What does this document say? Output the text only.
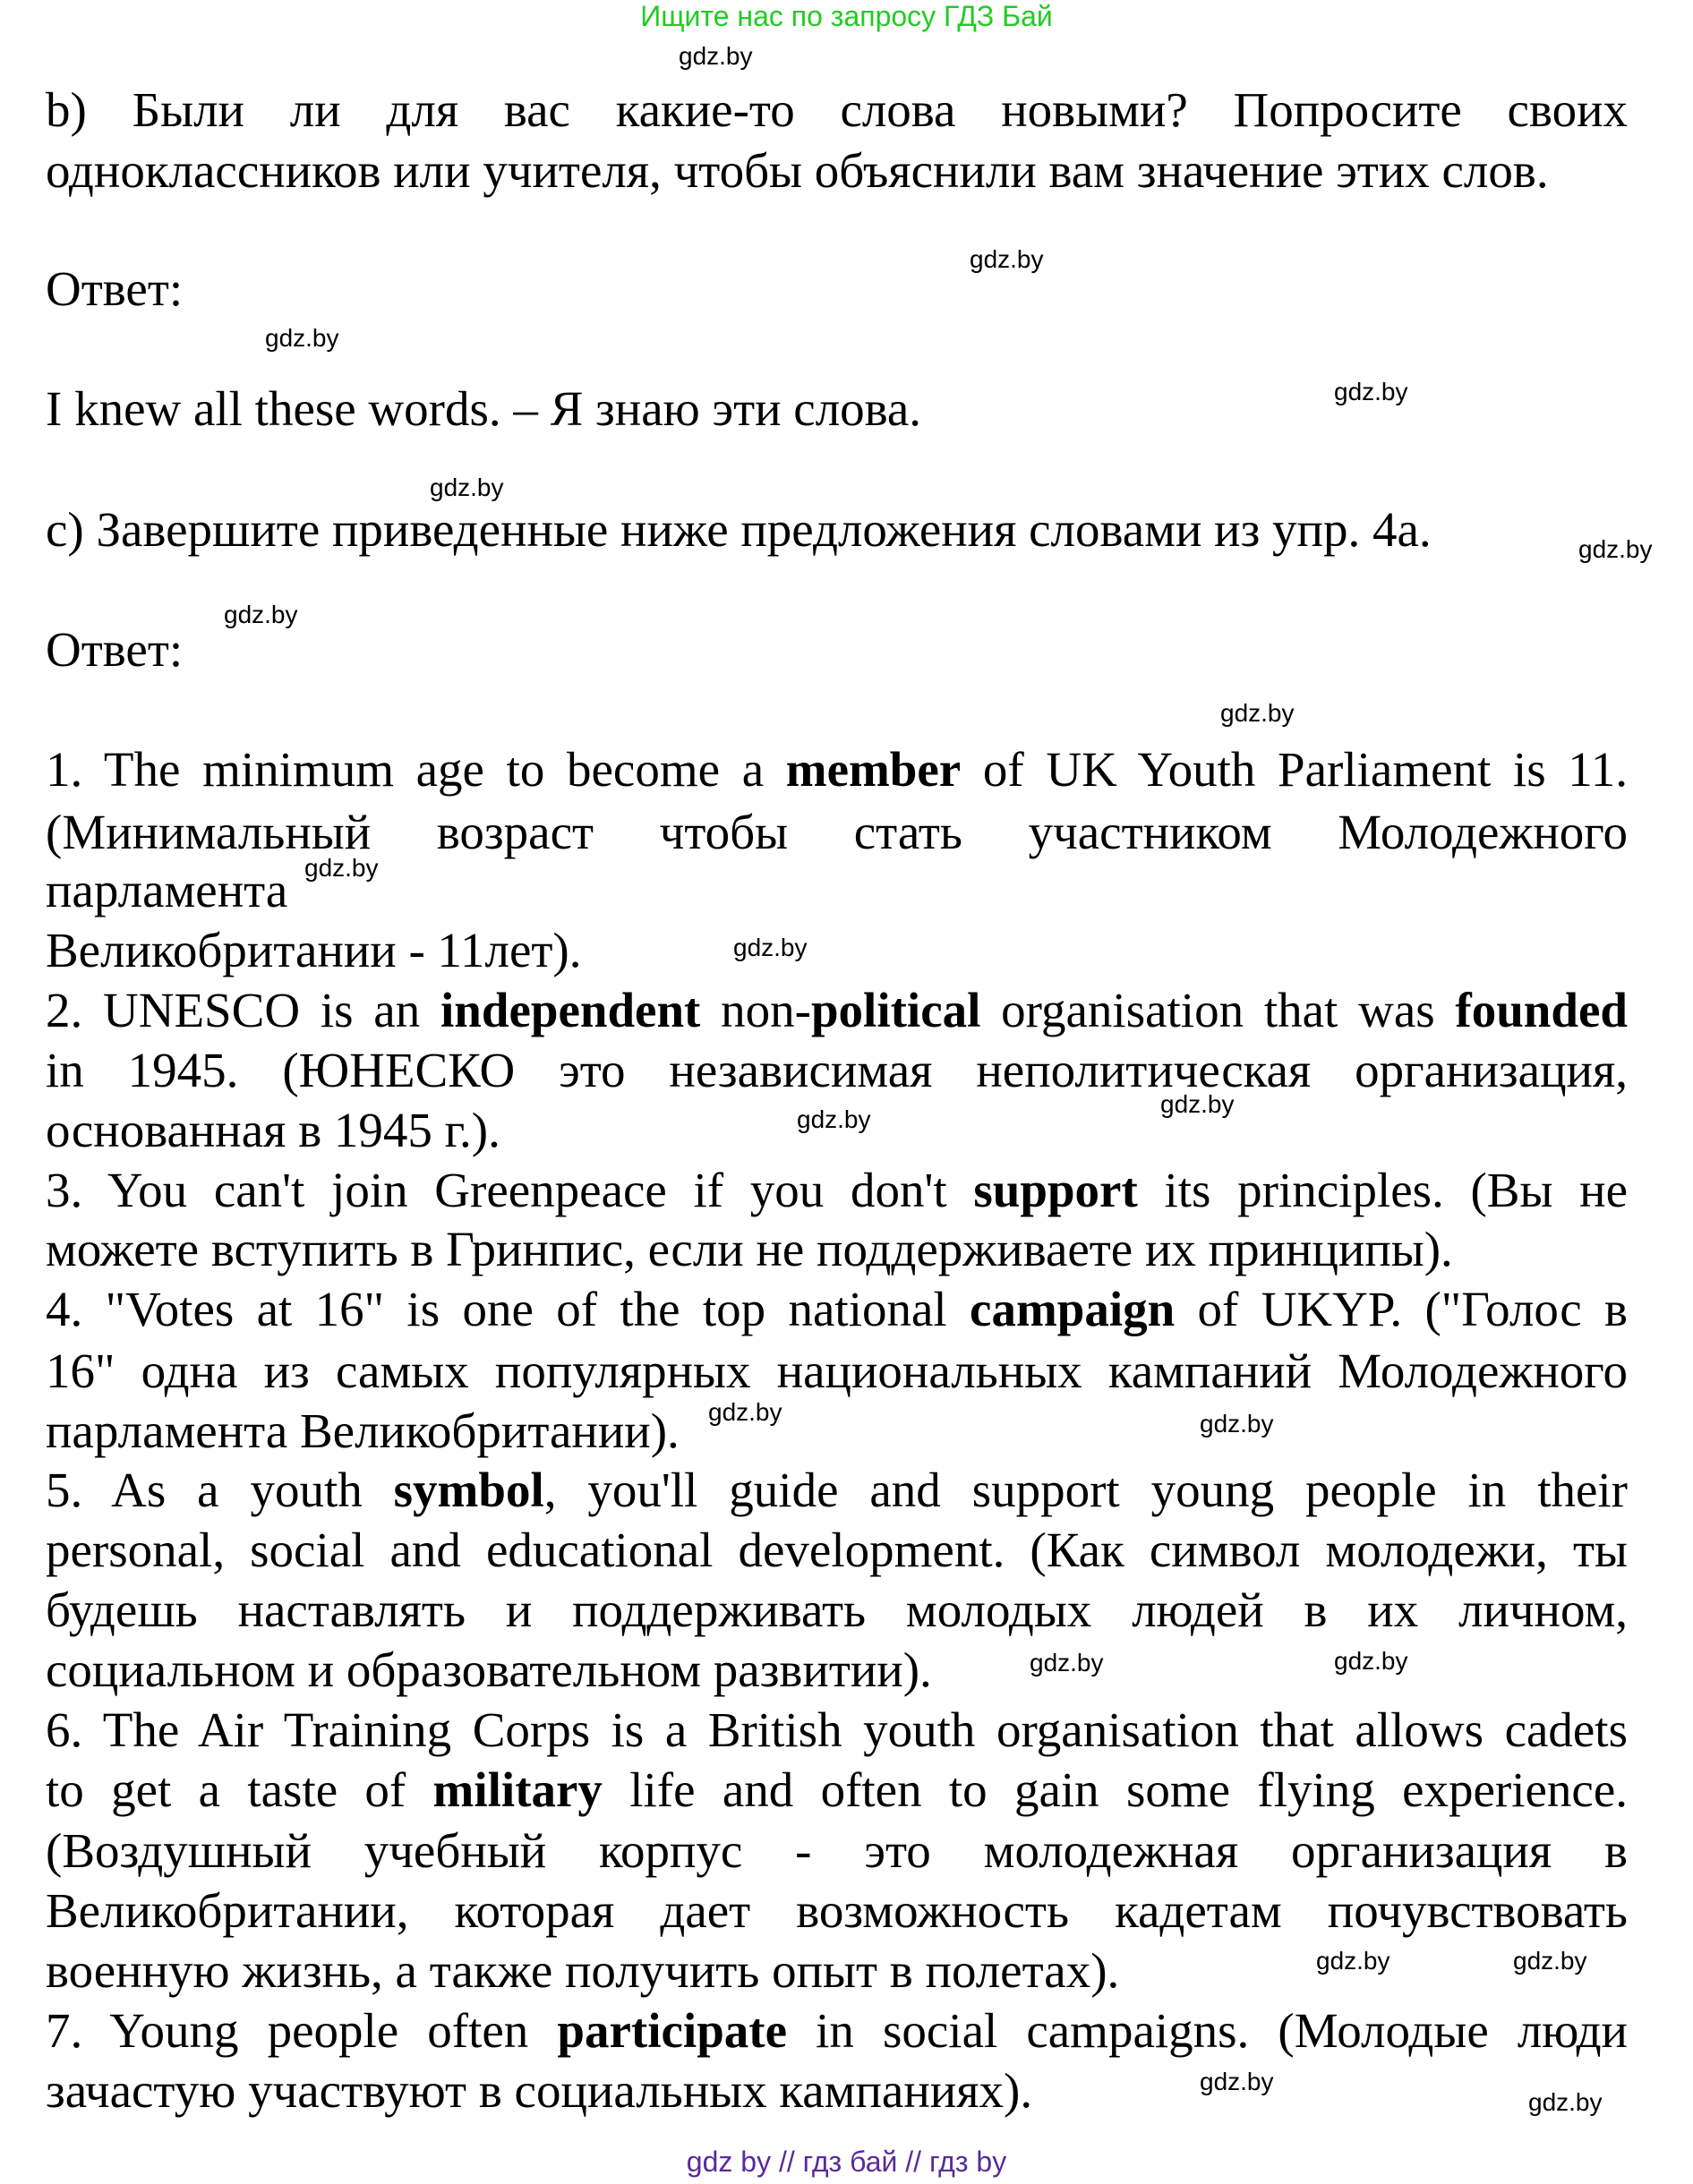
Ищите нас по запросу ГДЗ Бай
b) Были ли для вас какие-то слова новыми? Попросите своих
одноклассников или учителя, чтобы объяснили вам значение этих слов.
Ответ:
I knew all these words. – Я знаю эти слова.
с) Завершите приведенные ниже предложения словами из упр. 4а.
Ответ:
1. The minimum age to become a member of UK Youth Parliament is 11.
(Минимальный возраст чтобы стать участником Молодежного
парламента
Великобритании - 11лет).
2. UNESCO is an independent non-political organisation that was founded
in 1945. (ЮНЕСКО это независимая неполитическая организация,
основанная в 1945 г.).
3. You can't join Greenpeace if you don't support its principles. (Вы не
можете вступить в Гринпис, если не поддерживаете их принципы).
4. "Votes at 16" is one of the top national campaign of UKYP. ("Голос в
16" одна из самых популярных национальных кампаний Молодежного
парламента Великобритании).
5. As a youth symbol, you'll guide and support young people in their
personal, social and educational development. (Как символ молодежи, ты
будешь наставлять и поддерживать молодых людей в их личном,
социальном и образовательном развитии).
6. The Air Training Corps is a British youth organisation that allows cadets
to get a taste of military life and often to gain some flying experience.
(Воздушный учебный корпус - это молодежная организация в
Великобритании, которая дает возможность кадетам почувствовать
военную жизнь, а также получить опыт в полетах).
7. Young people often participate in social campaigns. (Молодые люди
зачастую участвуют в социальных кампаниях).
gdz.by
gdz.by
gdz.by
gdz.by
gdz.by
gdz.by
gdz.by
gdz.by
gdz.by
gdz.by
gdz.by
gdz.by
gdz.by	gdz.by
gdz.by
gdz.by
gdz.by	gdz.by
gdz.by
gdz.by
gdz by // гдз бай // гдз by
